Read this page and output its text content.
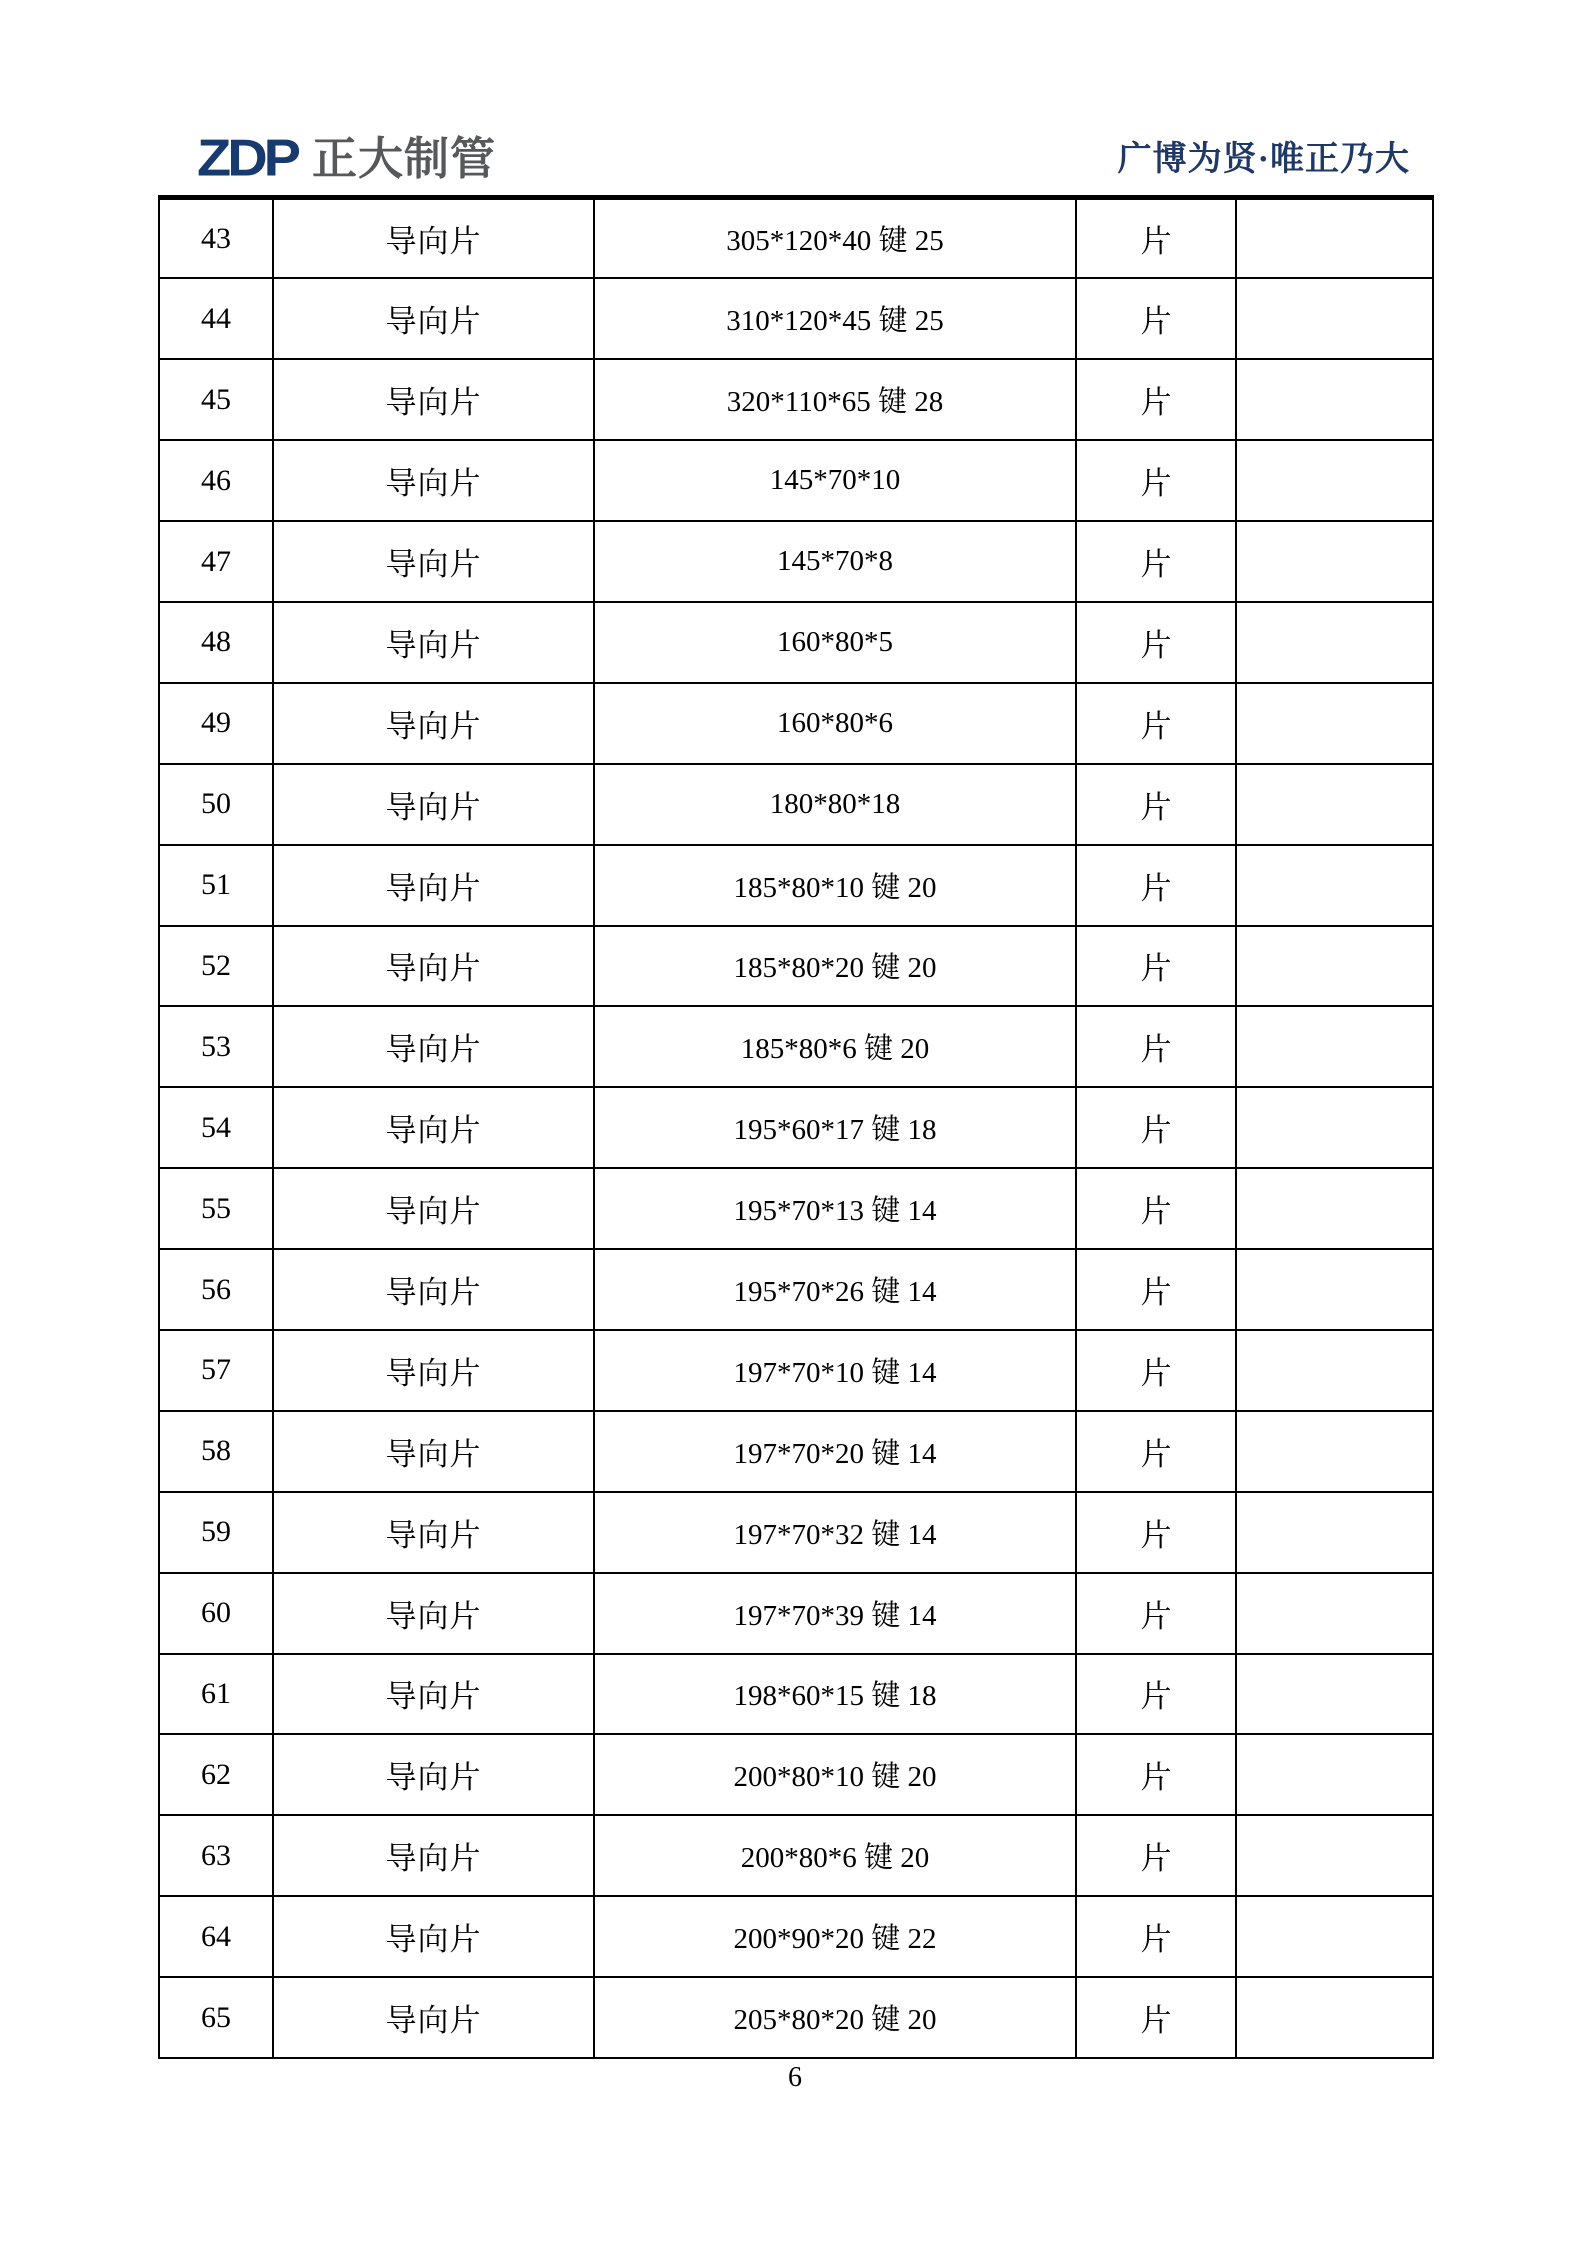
ZDP 正大制管	广博为贤·唯正乃大
43	导向片	305*120*40 键 25	片	
44	导向片	310*120*45 键 25	片	
45	导向片	320*110*65 键 28	片	
46	导向片	145*70*10	片	
47	导向片	145*70*8	片	
48	导向片	160*80*5	片	
49	导向片	160*80*6	片	
50	导向片	180*80*18	片	
51	导向片	185*80*10 键 20	片	
52	导向片	185*80*20 键 20	片	
53	导向片	185*80*6 键 20	片	
54	导向片	195*60*17 键 18	片	
55	导向片	195*70*13 键 14	片	
56	导向片	195*70*26 键 14	片	
57	导向片	197*70*10 键 14	片	
58	导向片	197*70*20 键 14	片	
59	导向片	197*70*32 键 14	片	
60	导向片	197*70*39 键 14	片	
61	导向片	198*60*15 键 18	片	
62	导向片	200*80*10 键 20	片	
63	导向片	200*80*6 键 20	片	
64	导向片	200*90*20 键 22	片	
65	导向片	205*80*20 键 20	片	
6
